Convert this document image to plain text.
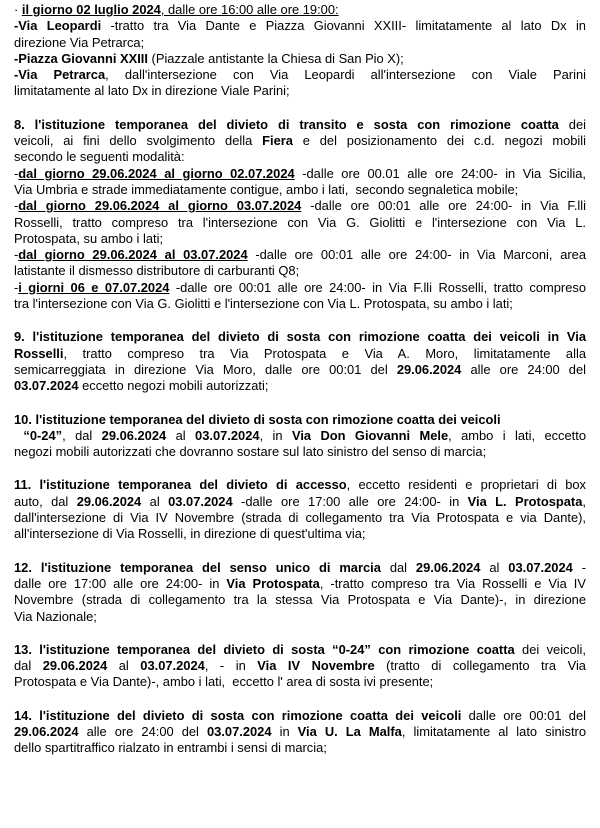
· il giorno 02 luglio 2024, dalle ore 16:00 alle ore 19:00:
-Via Leopardi -tratto tra Via Dante e Piazza Giovanni XXIII- limitatamente al lato Dx in
direzione Via Petrarca;
-Piazza Giovanni XXIII (Piazzale antistante la Chiesa di San Pio X);
-Via Petrarca, dall'intersezione con Via Leopardi all'intersezione con Viale Parini
limitatamente al lato Dx in direzione Viale Parini;
8. l'istituzione temporanea del divieto di transito e sosta con rimozione coatta dei
veicoli, ai fini dello svolgimento della Fiera e del posizionamento dei c.d. negozi mobili
secondo le seguenti modalità:
-dal giorno 29.06.2024 al giorno 02.07.2024 -dalle ore 00.01 alle ore 24:00- in Via Sicilia,
Via Umbria e strade immediatamente contigue, ambo i lati,  secondo segnaletica mobile;
-dal giorno 29.06.2024 al giorno 03.07.2024 -dalle ore 00:01 alle ore 24:00- in Via F.lli
Rosselli, tratto compreso tra l'intersezione con Via G. Giolitti e l'intersezione con Via L.
Protospata, su ambo i lati;
-dal giorno 29.06.2024 al 03.07.2024 -dalle ore 00:01 alle ore 24:00- in Via Marconi, area
latistante il dismesso distributore di carburanti Q8;
-i giorni 06 e 07.07.2024 -dalle ore 00:01 alle ore 24:00- in Via F.lli Rosselli, tratto compreso
tra l'intersezione con Via G. Giolitti e l'intersezione con Via L. Protospata, su ambo i lati;
9. l'istituzione temporanea del divieto di sosta con rimozione coatta dei veicoli in Via
Rosselli, tratto compreso tra Via Protospata e Via A. Moro, limitatamente alla
semicarreggiata in direzione Via Moro, dalle ore 00:01 del 29.06.2024 alle ore 24:00 del
03.07.2024 eccetto negozi mobili autorizzati;
10. l'istituzione temporanea del divieto di sosta con rimozione coatta dei veicoli
“0-24”, dal 29.06.2024 al 03.07.2024, in Via Don Giovanni Mele, ambo i lati, eccetto
negozi mobili autorizzati che dovranno sostare sul lato sinistro del senso di marcia;
11. l'istituzione temporanea del divieto di accesso, eccetto residenti e proprietari di box
auto, dal 29.06.2024 al 03.07.2024 -dalle ore 17:00 alle ore 24:00- in Via L. Protospata,
dall'intersezione di Via IV Novembre (strada di collegamento tra Via Protospata e via Dante),
all'intersezione di Via Rosselli, in direzione di quest'ultima via;
12. l'istituzione temporanea del senso unico di marcia dal 29.06.2024 al 03.07.2024 -
dalle ore 17:00 alle ore 24:00- in Via Protospata, -tratto compreso tra Via Rosselli e Via IV
Novembre (strada di collegamento tra la stessa Via Protospata e Via Dante)-, in direzione
Via Nazionale;
13. l'istituzione temporanea del divieto di sosta “0-24” con rimozione coatta dei veicoli,
dal 29.06.2024 al 03.07.2024, - in Via IV Novembre (tratto di collegamento tra Via
Protospata e Via Dante)-, ambo i lati,  eccetto l' area di sosta ivi presente;
14. l'istituzione del divieto di sosta con rimozione coatta dei veicoli dalle ore 00:01 del
29.06.2024 alle ore 24:00 del 03.07.2024 in Via U. La Malfa, limitatamente al lato sinistro
dello spartitraffico rialzato in entrambi i sensi di marcia;
